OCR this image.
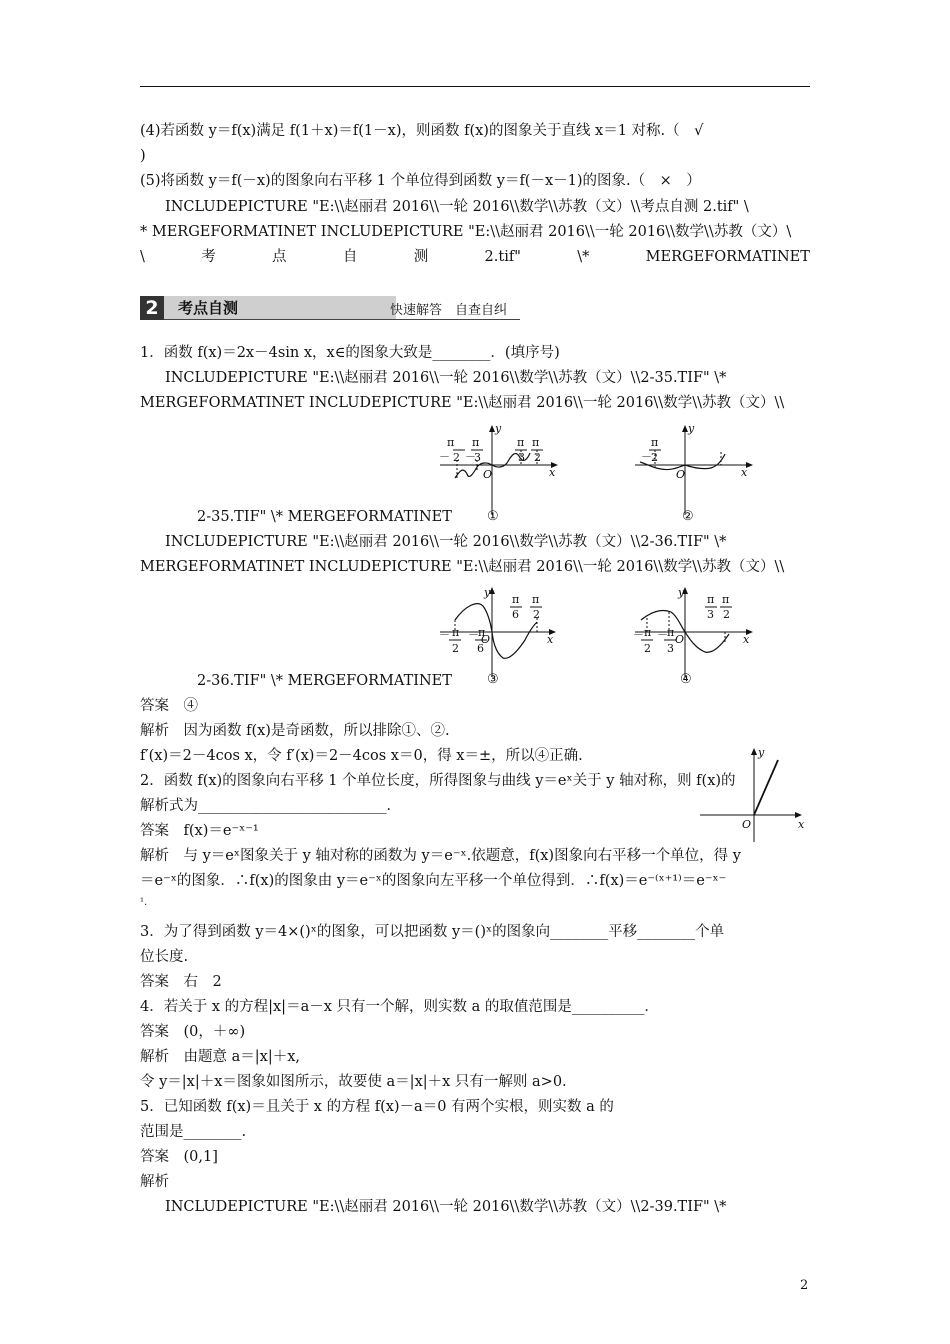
(4)若函数 y＝f(x)满足 f(1＋x)＝f(1－x)，则函数 f(x)的图象关于直线 x＝1 对称.（　√
)
(5)将函数 y＝f(－x)的图象向右平移 1 个单位得到函数 y＝f(－x－1)的图象.（　×　）
INCLUDEPICTURE "E:\\赵丽君 2016\\一轮 2016\\数学\\苏教（文）\\考点自测 2.tif" \
* MERGEFORMATINET INCLUDEPICTURE "E:\\赵丽君 2016\\一轮 2016\\数学\\苏教（文）\
\	考	点	自	测	2.tif"	\*	MERGEFORMATINET
2	考点自测	快速解答　自查自纠
1．函数 f(x)＝2x－4sin x，x∈的图象大致是________．(填序号)
INCLUDEPICTURE "E:\\赵丽君 2016\\一轮 2016\\数学\\苏教（文）\\2-35.TIF" \*
MERGEFORMATINET INCLUDEPICTURE "E:\\赵丽君 2016\\一轮 2016\\数学\\苏教（文）\\
y
x
O
π
－ 2
π
－
3
π
3
π
2
①
y
x
O
π
－ 2
②
2-35.TIF" \* MERGEFORMATINET
INCLUDEPICTURE "E:\\赵丽君 2016\\一轮 2016\\数学\\苏教（文）\\2-36.TIF" \*
MERGEFORMATINET INCLUDEPICTURE "E:\\赵丽君 2016\\一轮 2016\\数学\\苏教（文）\\
y
x
O
π
6
π
2
－ π
2
－ π
6
③
y
x
O
π
3
π
2
－ π
2
－ π
3
④
2-36.TIF" \* MERGEFORMATINET
答案　④
解析　因为函数 f(x)是奇函数，所以排除①、②.
f′(x)＝2－4cos x，令 f′(x)＝2－4cos x＝0，得 x＝±，所以④正确.
2．函数 f(x)的图象向右平移 1 个单位长度，所得图象与曲线 y＝eˣ关于 y 轴对称，则 f(x)的
解析式为__________________________．
答案　f(x)＝e⁻ˣ⁻¹
解析　与 y＝eˣ图象关于 y 轴对称的函数为 y＝e⁻ˣ.依题意，f(x)图象向右平移一个单位，得 y
＝e⁻ˣ的图象．∴f(x)的图象由 y＝e⁻ˣ的图象向左平移一个单位得到．∴f(x)＝e⁻⁽ˣ⁺¹⁾＝e⁻ˣ⁻
¹.
3．为了得到函数 y＝4×()ˣ的图象，可以把函数 y＝()ˣ的图象向________平移________个单
位长度.
答案　右　2
4．若关于 x 的方程|x|＝a－x 只有一个解，则实数 a 的取值范围是__________．
答案　(0，＋∞)
解析　由题意 a＝|x|＋x,
令 y＝|x|＋x＝图象如图所示，故要使 a＝|x|＋x 只有一解则 a>0.
5．已知函数 f(x)＝且关于 x 的方程 f(x)－a＝0 有两个实根，则实数 a 的
范围是________.
答案　(0,1]
解析
INCLUDEPICTURE "E:\\赵丽君 2016\\一轮 2016\\数学\\苏教（文）\\2-39.TIF" \*
y
x
O
2
